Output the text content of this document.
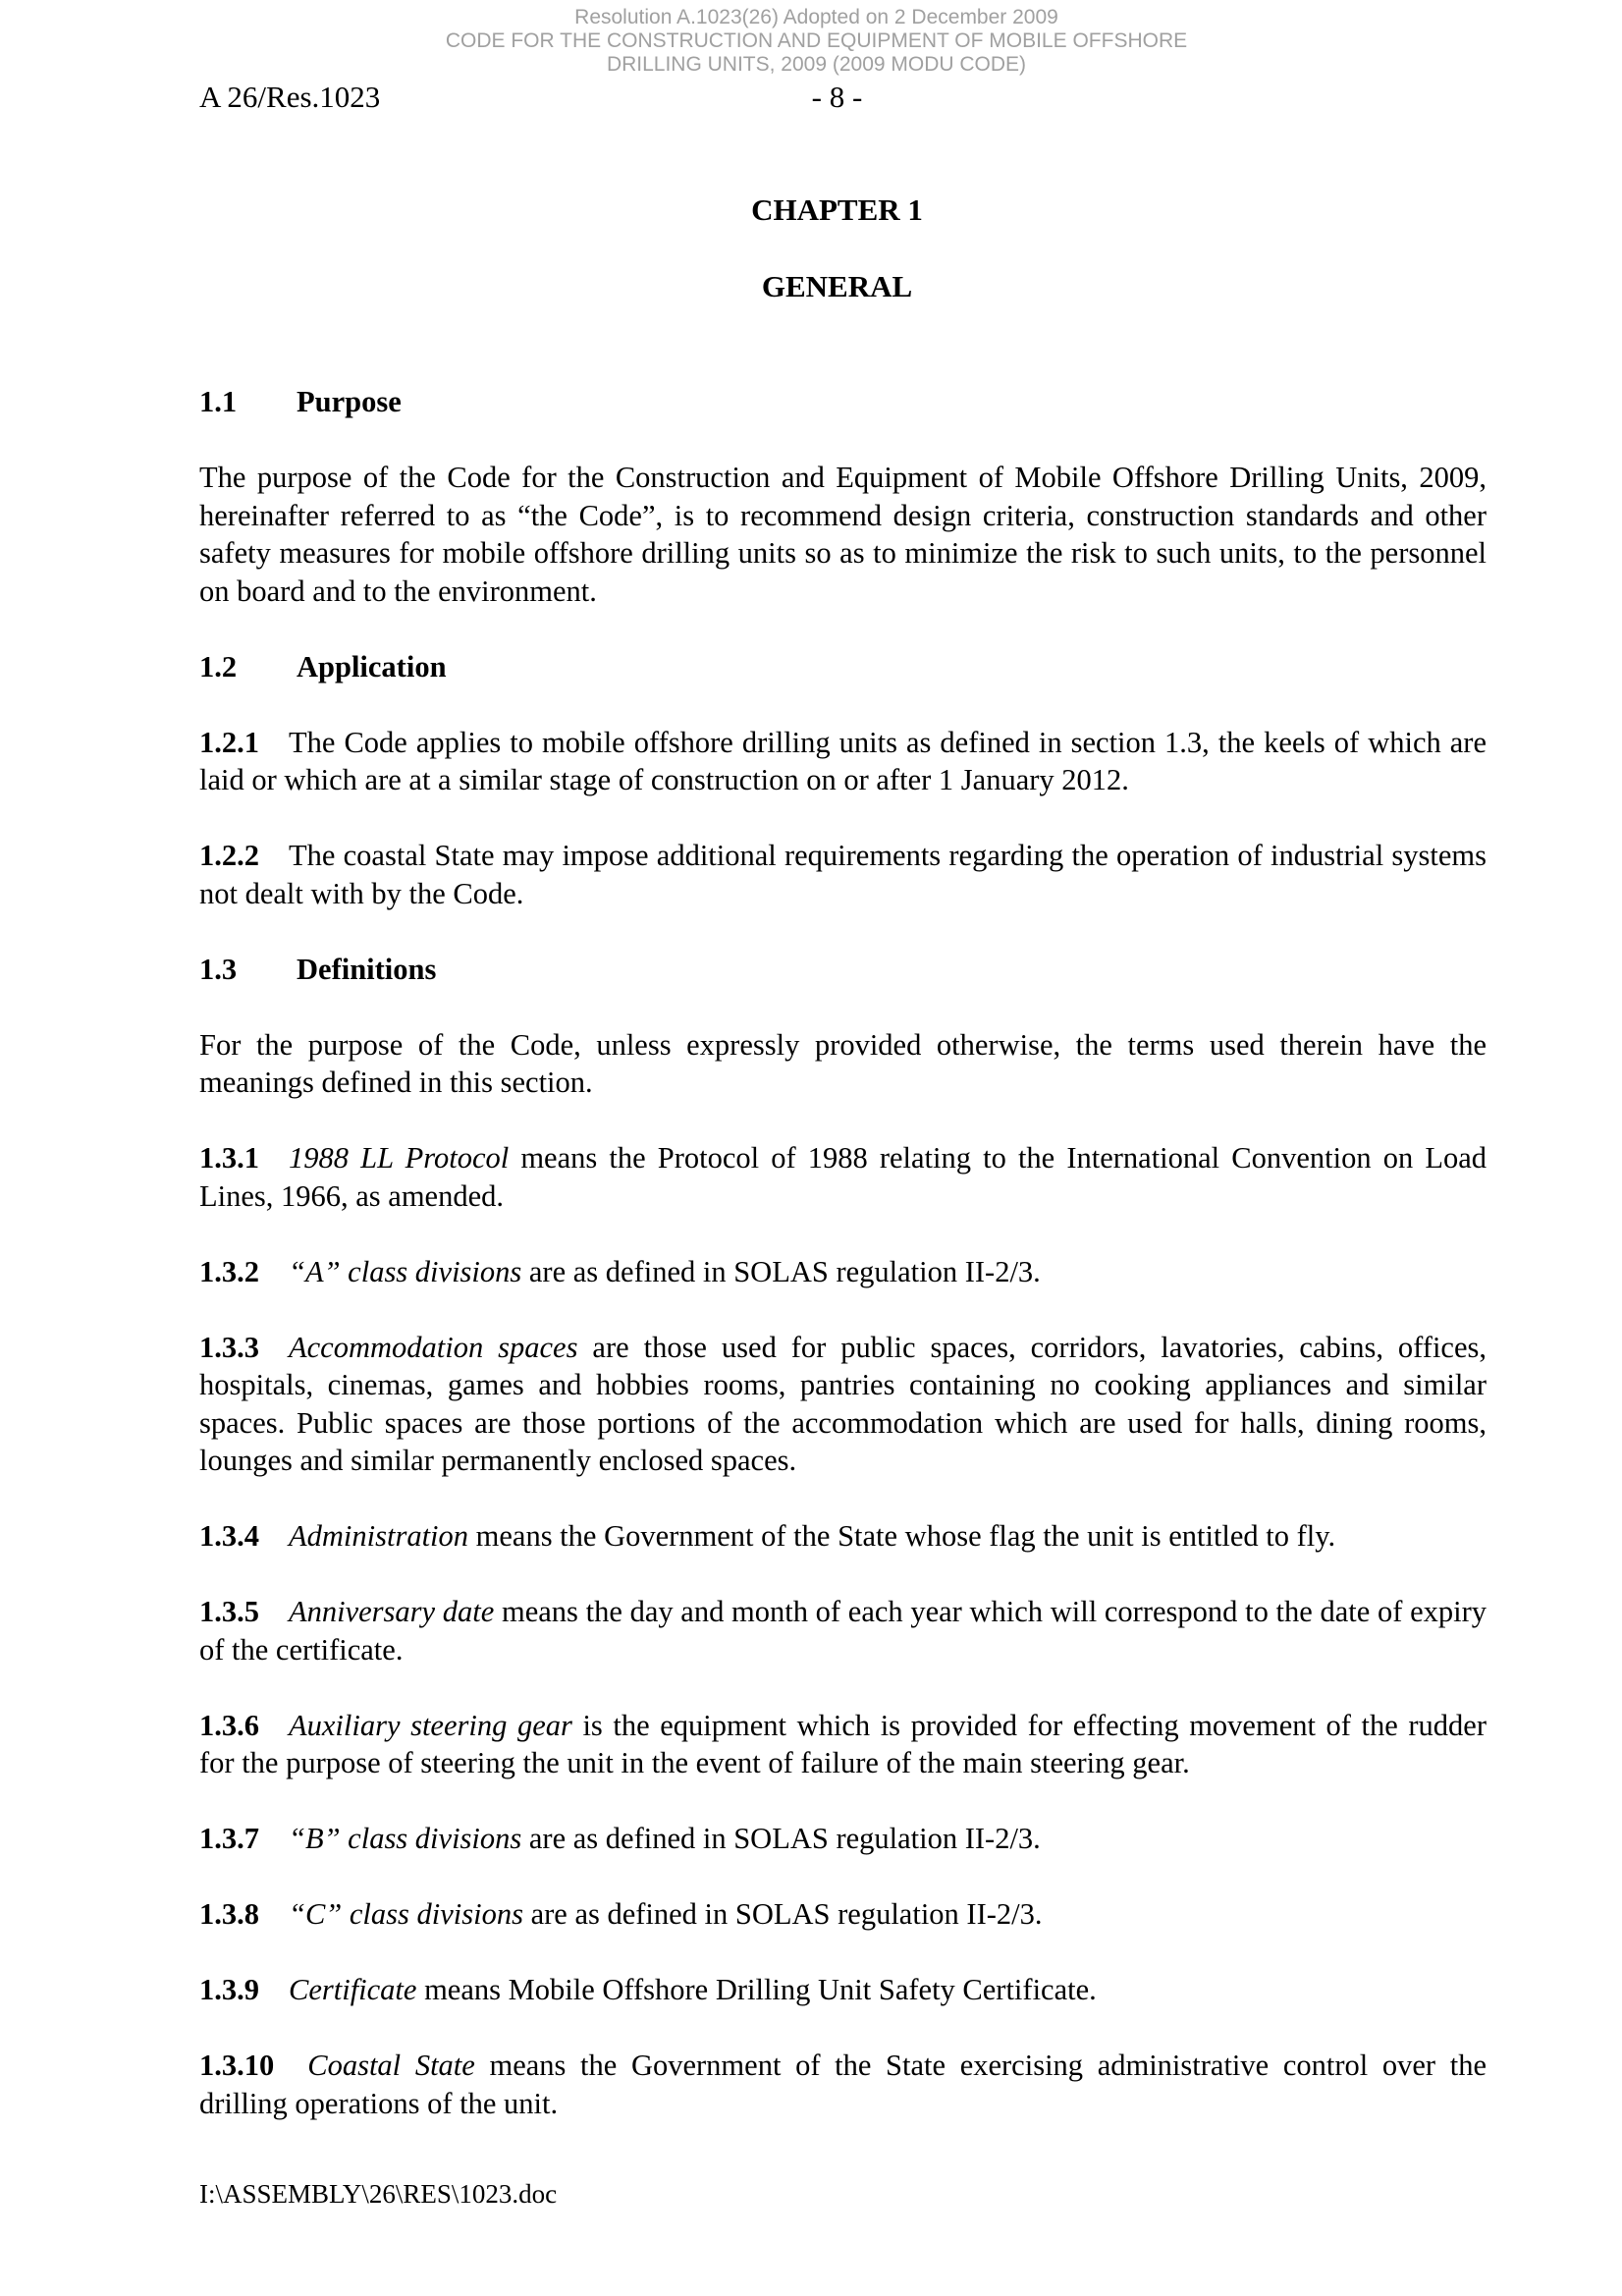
Resolution A.1023(26) Adopted on 2 December 2009
CODE FOR THE CONSTRUCTION AND EQUIPMENT OF MOBILE OFFSHORE
DRILLING UNITS, 2009 (2009 MODU CODE)
A 26/Res.1023	- 8 -
CHAPTER 1
GENERAL
1.1 Purpose

The purpose of the Code for the Construction and Equipment of Mobile Offshore Drilling Units, 2009, hereinafter referred to as “the Code”, is to recommend design criteria, construction standards and other safety measures for mobile offshore drilling units so as to minimize the risk to such units, to the personnel on board and to the environment.

1.2 Application

1.2.1 The Code applies to mobile offshore drilling units as defined in section 1.3, the keels of which are laid or which are at a similar stage of construction on or after 1 January 2012.

1.2.2 The coastal State may impose additional requirements regarding the operation of industrial systems not dealt with by the Code.

1.3 Definitions

For the purpose of the Code, unless expressly provided otherwise, the terms used therein have the meanings defined in this section.

1.3.1 1988 LL Protocol means the Protocol of 1988 relating to the International Convention on Load Lines, 1966, as amended.

1.3.2 “A” class divisions are as defined in SOLAS regulation II-2/3.

1.3.3 Accommodation spaces are those used for public spaces, corridors, lavatories, cabins, offices, hospitals, cinemas, games and hobbies rooms, pantries containing no cooking appliances and similar spaces. Public spaces are those portions of the accommodation which are used for halls, dining rooms, lounges and similar permanently enclosed spaces.

1.3.4 Administration means the Government of the State whose flag the unit is entitled to fly.

1.3.5 Anniversary date means the day and month of each year which will correspond to the date of expiry of the certificate.

1.3.6 Auxiliary steering gear is the equipment which is provided for effecting movement of the rudder for the purpose of steering the unit in the event of failure of the main steering gear.

1.3.7 “B” class divisions are as defined in SOLAS regulation II-2/3.

1.3.8 “C” class divisions are as defined in SOLAS regulation II-2/3.

1.3.9 Certificate means Mobile Offshore Drilling Unit Safety Certificate.

1.3.10 Coastal State means the Government of the State exercising administrative control over the drilling operations of the unit.

I:\ASSEMBLY\26\RES\1023.doc
